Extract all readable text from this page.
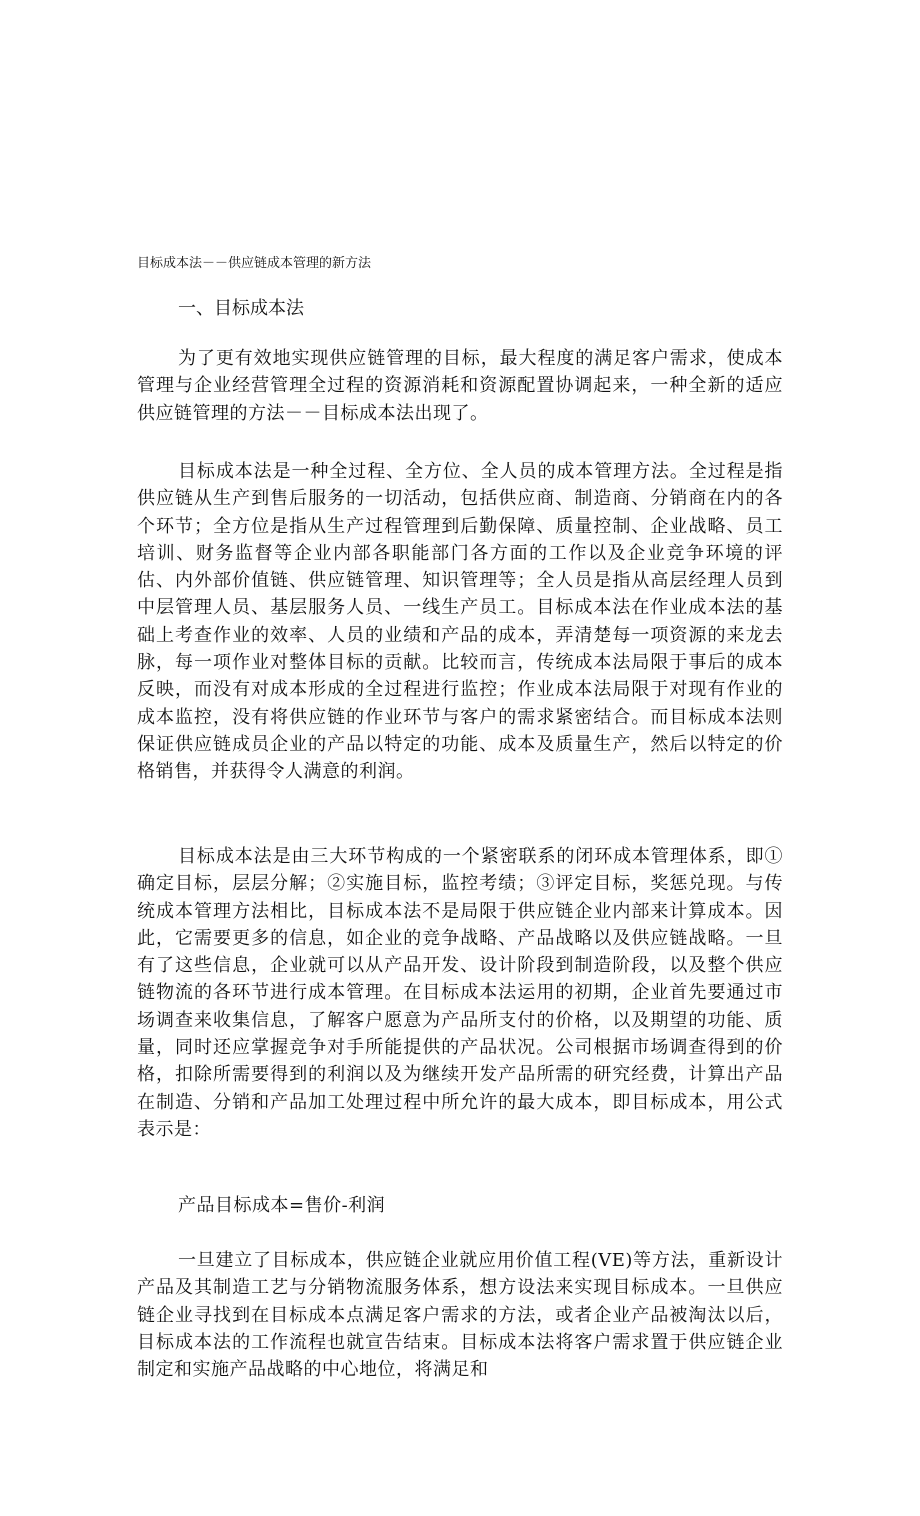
目标成本法－－供应链成本管理的新方法
一、目标成本法

为了更有效地实现供应链管理的目标，最大程度的满足客户需求，使成本管理与企业经营管理全过程的资源消耗和资源配置协调起来，一种全新的适应供应链管理的方法－－目标成本法出现了。

目标成本法是一种全过程、全方位、全人员的成本管理方法。全过程是指供应链从生产到售后服务的一切活动，包括供应商、制造商、分销商在内的各个环节；全方位是指从生产过程管理到后勤保障、质量控制、企业战略、员工培训、财务监督等企业内部各职能部门各方面的工作以及企业竞争环境的评估、内外部价值链、供应链管理、知识管理等；全人员是指从高层经理人员到中层管理人员、基层服务人员、一线生产员工。目标成本法在作业成本法的基础上考查作业的效率、人员的业绩和产品的成本，弄清楚每一项资源的来龙去脉，每一项作业对整体目标的贡献。比较而言，传统成本法局限于事后的成本反映，而没有对成本形成的全过程进行监控；作业成本法局限于对现有作业的成本监控，没有将供应链的作业环节与客户的需求紧密结合。而目标成本法则保证供应链成员企业的产品以特定的功能、成本及质量生产，然后以特定的价格销售，并获得令人满意的利润。

目标成本法是由三大环节构成的一个紧密联系的闭环成本管理体系，即①确定目标，层层分解；②实施目标，监控考绩；③评定目标，奖惩兑现。与传统成本管理方法相比，目标成本法不是局限于供应链企业内部来计算成本。因此，它需要更多的信息，如企业的竞争战略、产品战略以及供应链战略。一旦有了这些信息，企业就可以从产品开发、设计阶段到制造阶段，以及整个供应链物流的各环节进行成本管理。在目标成本法运用的初期，企业首先要通过市场调查来收集信息，了解客户愿意为产品所支付的价格，以及期望的功能、质量，同时还应掌握竞争对手所能提供的产品状况。公司根据市场调查得到的价格，扣除所需要得到的利润以及为继续开发产品所需的研究经费，计算出产品在制造、分销和产品加工处理过程中所允许的最大成本，即目标成本，用公式表示是：

产品目标成本=售价-利润

一旦建立了目标成本，供应链企业就应用价值工程(VE)等方法，重新设计产品及其制造工艺与分销物流服务体系，想方设法来实现目标成本。一旦供应链企业寻找到在目标成本点满足客户需求的方法，或者企业产品被淘汰以后，目标成本法的工作流程也就宣告结束。目标成本法将客户需求置于供应链企业制定和实施产品战略的中心地位，将满足和
